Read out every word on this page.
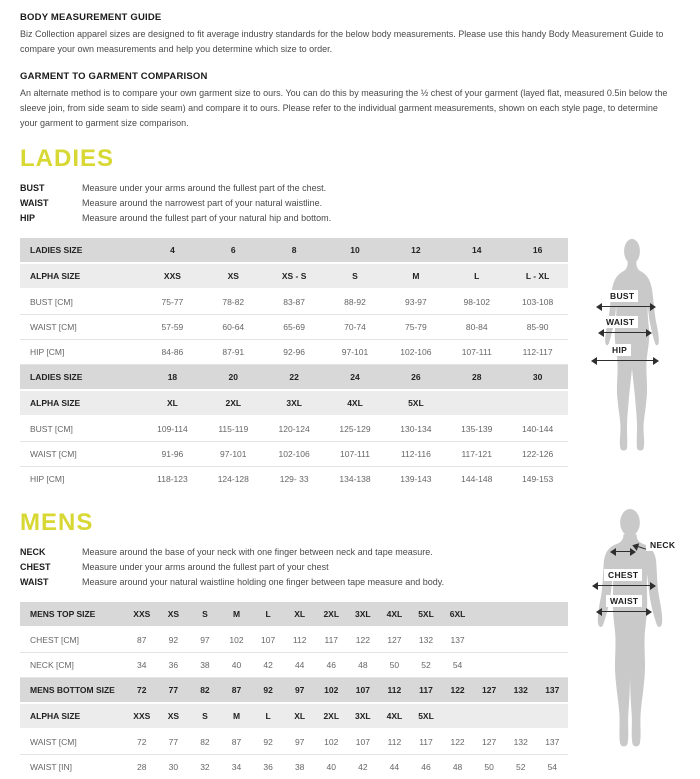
BODY MEASUREMENT GUIDE

Biz Collection apparel sizes are designed to fit average industry standards for the below body measurements. Please use this handy Body Measurement Guide to compare your own measurements and help you determine which size to order.

GARMENT TO GARMENT COMPARISON

An alternate method is to compare your own garment size to ours. You can do this by measuring the ½ chest of your garment (layed flat, measured 0.5in below the sleeve join, from side seam to side seam) and compare it to ours. Please refer to the individual garment measurements, shown on each style page, to determine your garment to garment size comparison.

LADIES
BUST	Measure under your arms around the fullest part of the chest.
WAIST	Measure around the narrowest part of your natural waistline.
HIP	Measure around the fullest part of your natural hip and bottom.
LADIES SIZE	4	6	8	10	12	14	16
ALPHA SIZE	XXS	XS	XS - S	S	M	L	L - XL
BUST [CM]	75-77	78-82	83-87	88-92	93-97	98-102	103-108
WAIST [CM]	57-59	60-64	65-69	70-74	75-79	80-84	85-90
HIP [CM]	84-86	87-91	92-96	97-101	102-106	107-111	112-117
LADIES SIZE	18	20	22	24	26	28	30
ALPHA SIZE	XL	2XL	3XL	4XL	5XL
BUST [CM]	109-114	115-119	120-124	125-129	130-134	135-139	140-144
WAIST [CM]	91-96	97-101	102-106	107-111	112-116	117-121	122-126
HIP [CM]	118-123	124-128	129- 33	134-138	139-143	144-148	149-153
BUST
WAIST
HIP
MENS
NECK	Measure around the base of your neck with one finger between neck and tape measure.
CHEST	Measure under your arms around the fullest part of your chest
WAIST	Measure around your natural waistline holding one finger between tape measure and body.
MENS TOP SIZE	XXS	XS	S	M	L	XL	2XL	3XL	4XL	5XL	6XL
CHEST [CM]	87	92	97	102	107	112	117	122	127	132	137
NECK [CM]	34	36	38	40	42	44	46	48	50	52	54
MENS BOTTOM SIZE	72	77	82	87	92	97	102	107	112	117	122	127	132	137
ALPHA SIZE	XXS	XS	S	M	L	XL	2XL	3XL	4XL	5XL
WAIST [CM]	72	77	82	87	92	97	102	107	112	117	122	127	132	137
WAIST [IN]	28	30	32	34	36	38	40	42	44	46	48	50	52	54
NECK
CHEST
WAIST
